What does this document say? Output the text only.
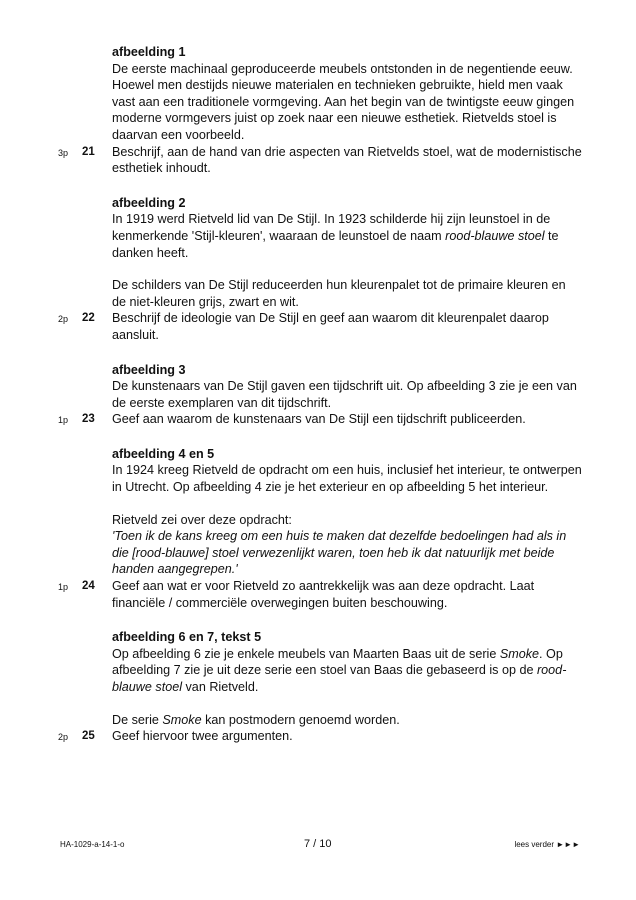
afbeelding 1
De eerste machinaal geproduceerde meubels ontstonden in de negentiende eeuw. Hoewel men destijds nieuwe materialen en technieken gebruikte, hield men vaak vast aan een traditionele vormgeving. Aan het begin van de twintigste eeuw gingen moderne vormgevers juist op zoek naar een nieuwe esthetiek. Rietvelds stoel is daarvan een voorbeeld.
3p	21	Beschrijf, aan de hand van drie aspecten van Rietvelds stoel, wat de modernistische esthetiek inhoudt.
afbeelding 2
In 1919 werd Rietveld lid van De Stijl. In 1923 schilderde hij zijn leunstoel in de kenmerkende 'Stijl-kleuren', waaraan de leunstoel de naam rood-blauwe stoel te danken heeft.
De schilders van De Stijl reduceerden hun kleurenpalet tot de primaire kleuren en de niet-kleuren grijs, zwart en wit.
2p	22	Beschrijf de ideologie van De Stijl en geef aan waarom dit kleurenpalet daarop aansluit.
afbeelding 3
De kunstenaars van De Stijl gaven een tijdschrift uit. Op afbeelding 3 zie je een van de eerste exemplaren van dit tijdschrift.
1p	23	Geef aan waarom de kunstenaars van De Stijl een tijdschrift publiceerden.
afbeelding 4 en 5
In 1924 kreeg Rietveld de opdracht om een huis, inclusief het interieur, te ontwerpen in Utrecht. Op afbeelding 4 zie je het exterieur en op afbeelding 5 het interieur.
Rietveld zei over deze opdracht:
'Toen ik de kans kreeg om een huis te maken dat dezelfde bedoelingen had als in die [rood-blauwe] stoel verwezenlijkt waren, toen heb ik dat natuurlijk met beide handen aangegrepen.'
1p	24	Geef aan wat er voor Rietveld zo aantrekkelijk was aan deze opdracht. Laat financiële / commerciële overwegingen buiten beschouwing.
afbeelding 6 en 7, tekst 5
Op afbeelding 6 zie je enkele meubels van Maarten Baas uit de serie Smoke. Op afbeelding 7 zie je uit deze serie een stoel van Baas die gebaseerd is op de rood-blauwe stoel van Rietveld.
De serie Smoke kan postmodern genoemd worden.
2p	25	Geef hiervoor twee argumenten.
HA-1029-a-14-1-o	7 / 10	lees verder ►►►
